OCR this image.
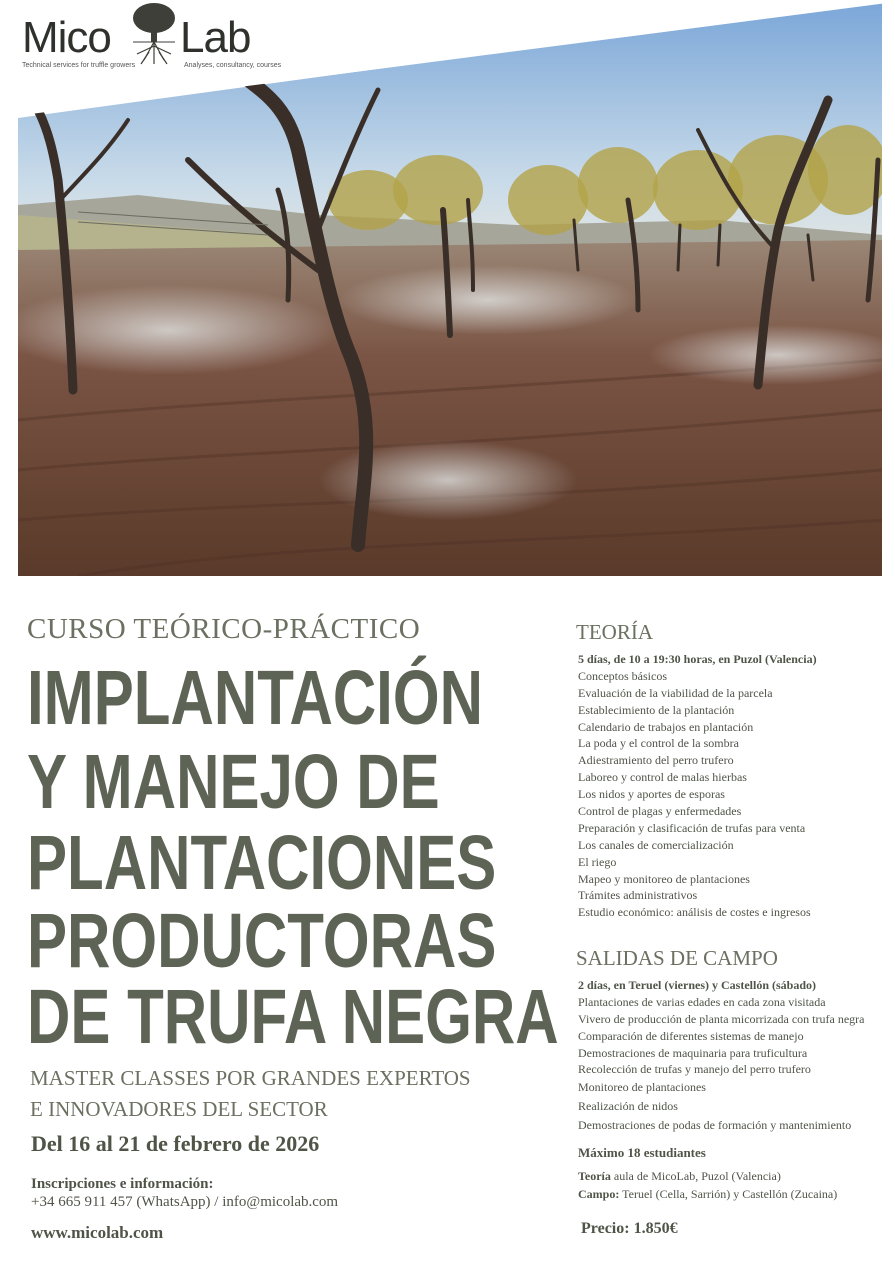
Mico Lab
Technical services for truffle growers	Analyses, consultancy, courses
CURSO TEÓRICO-PRÁCTICO
IMPLANTACIÓN
Y MANEJO DE
PLANTACIONES
PRODUCTORAS
DE TRUFA NEGRA
MASTER CLASSES POR GRANDES EXPERTOS
E INNOVADORES DEL SECTOR
Del 16 al 21 de febrero de 2026
Inscripciones e información:
+34 665 911 457 (WhatsApp) / info@micolab.com
www.micolab.com
TEORÍA
5 días, de 10 a 19:30 horas, en Puzol (Valencia)
Conceptos básicos
Evaluación de la viabilidad de la parcela
Establecimiento de la plantación
Calendario de trabajos en plantación
La poda y el control de la sombra
Adiestramiento del perro trufero
Laboreo y control de malas hierbas
Los nidos y aportes de esporas
Control de plagas y enfermedades
Preparación y clasificación de trufas para venta
Los canales de comercialización
El riego
Mapeo y monitoreo de plantaciones
Trámites administrativos
Estudio económico: análisis de costes e ingresos
SALIDAS DE CAMPO
2 días, en Teruel (viernes) y Castellón (sábado)
Plantaciones de varias edades en cada zona visitada
Vivero de producción de planta micorrizada con trufa negra
Comparación de diferentes sistemas de manejo
Demostraciones de maquinaria para truficultura
Recolección de trufas y manejo del perro trufero
Monitoreo de plantaciones
Realización de nidos
Demostraciones de podas de formación y mantenimiento
Máximo 18 estudiantes
Teoría aula de MicoLab, Puzol (Valencia)
Campo: Teruel (Cella, Sarrión) y Castellón (Zucaina)
Precio: 1.850€
